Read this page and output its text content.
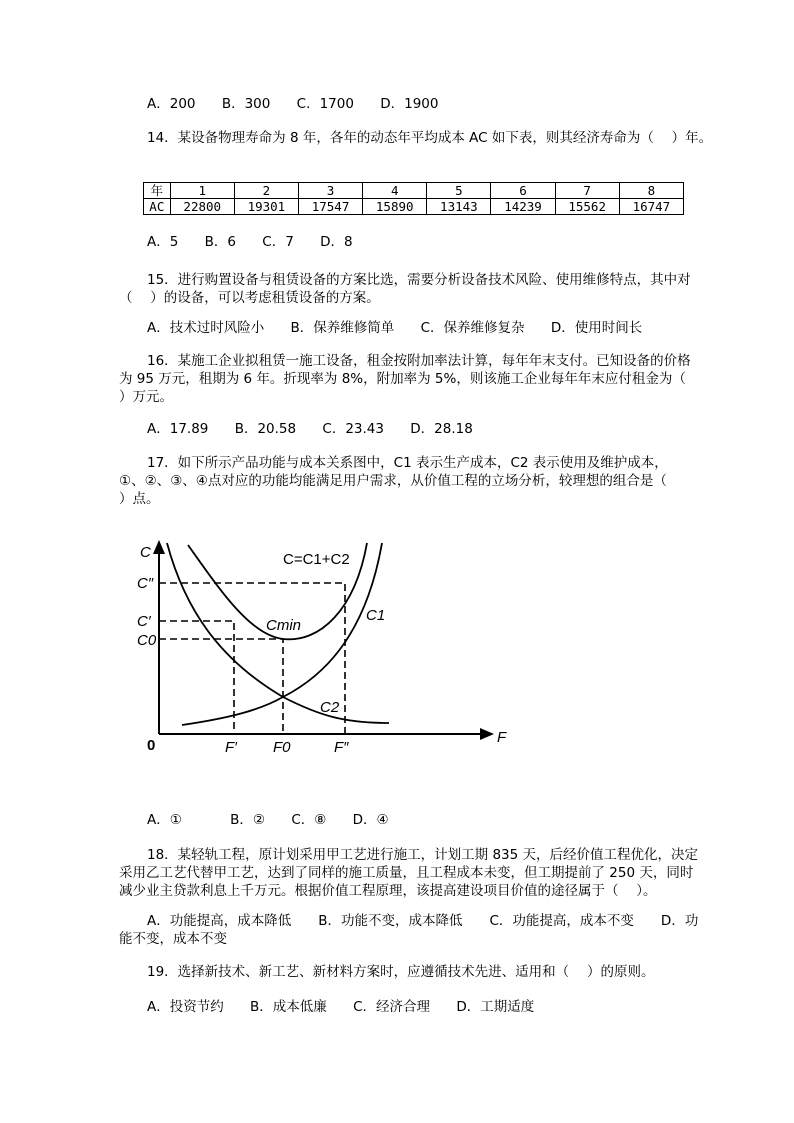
A．200 B．300 C．1700 D．1900
14．某设备物理寿命为 8 年，各年的动态年平均成本 AC 如下表，则其经济寿命为（　 ）年。
年	1	2	3	4	5	6	7	8
AC	22800	19301	17547	15890	13143	14239	15562	16747
A．5 B．6 C．7 D．8
15．进行购置设备与租赁设备的方案比选，需要分析设备技术风险、使用维修特点，其中对
（　 ）的设备，可以考虑租赁设备的方案。
A．技术过时风险小 B．保养维修简单 C．保养维修复杂 D．使用时间长
16．某施工企业拟租赁一施工设备，租金按附加率法计算，每年年末支付。已知设备的价格
为 95 万元，租期为 6 年。折现率为 8%，附加率为 5%，则该施工企业每年年末应付租金为（
）万元。
A．17.89 B．20.58 C．23.43 D．28.18
17．如下所示产品功能与成本关系图中，C1 表示生产成本，C2 表示使用及维护成本，
①、②、③、④点对应的功能均能满足用户需求，从价值工程的立场分析，较理想的组合是（
）点。
C
F
0
C″
C′
C0
F′ F0	F″
C=C1+C2
C1
C2
Cmin
A．①	B．② C．⑧ D．④
18．某轻轨工程，原计划采用甲工艺进行施工，计划工期 835 天，后经价值工程优化，决定
采用乙工艺代替甲工艺，达到了同样的施工质量，且工程成本未变，但工期提前了 250 天，同时
减少业主贷款利息上千万元。根据价值工程原理，该提高建设项目价值的途径属于（　 ）。
A．功能提高，成本降低　　B．功能不变，成本降低　　C．功能提高，成本不变　　D．功
能不变，成本不变
19．选择新技术、新工艺、新材料方案时，应遵循技术先进、适用和（　 ）的原则。
A．投资节约 B．成本低廉 C．经济合理 D．工期适度
